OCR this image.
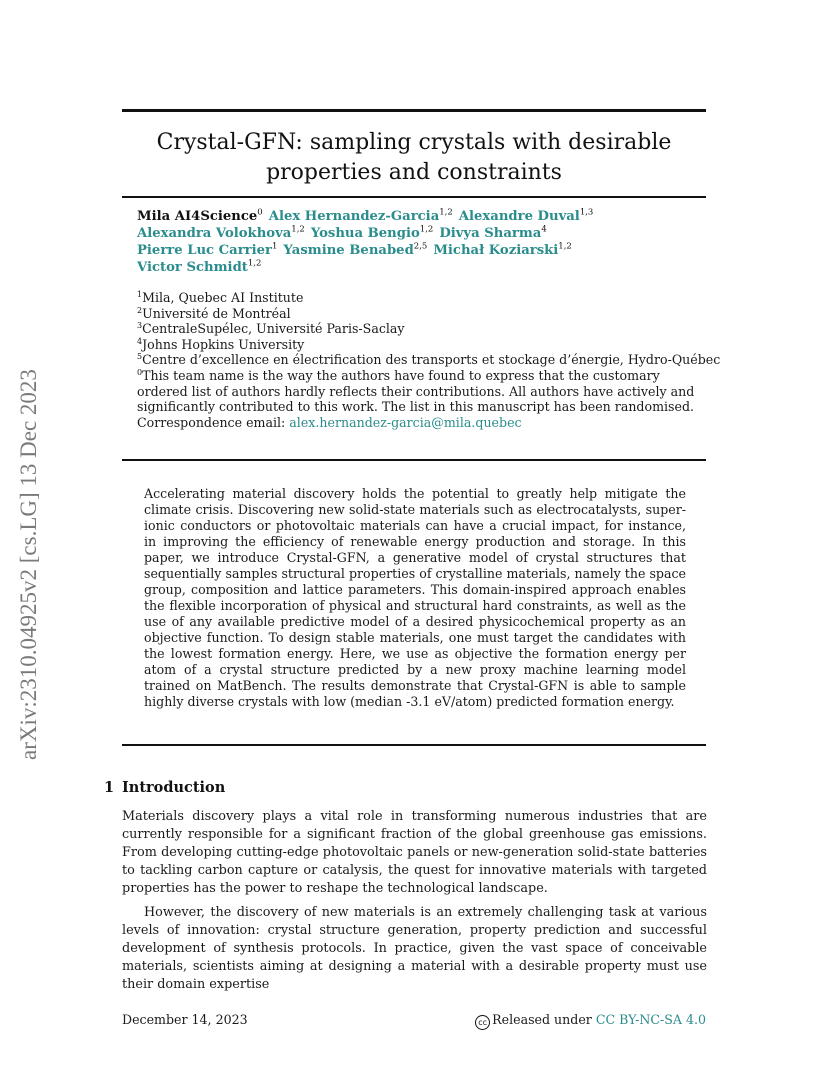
arXiv:2310.04925v2 [cs.LG] 13 Dec 2023
Crystal-GFN: sampling crystals with desirable properties and constraints
Mila AI4Science$^0$ Alex Hernandez-Garcia$^{1,2}$ Alexandre Duval$^{1,3}$
Alexandra Volokhova$^{1,2}$ Yoshua Bengio$^{1,2}$ Divya Sharma$^4$
Pierre Luc Carrier$^1$ Yasmine Benabed$^{2,5}$ Michał Koziarski$^{1,2}$
Victor Schmidt$^{1,2}$
$^1$Mila, Quebec AI Institute
$^2$Université de Montréal
$^3$CentraleSupélec, Université Paris-Saclay
$^4$Johns Hopkins University
$^5$Centre d’excellence en électrification des transports et stockage d’énergie, Hydro-Québec
$^0$This team name is the way the authors have found to express that the customary
ordered list of authors hardly reflects their contributions. All authors have actively and
significantly contributed to this work. The list in this manuscript has been randomised.
Correspondence email: alex.hernandez-garcia@mila.quebec
Accelerating material discovery holds the potential to greatly help mitigate the climate crisis. Discovering new solid-state materials such as electrocatalysts, super-ionic conductors or photovoltaic materials can have a crucial impact, for instance, in improving the efficiency of renewable energy production and storage. In this paper, we introduce Crystal-GFN, a generative model of crystal structures that sequentially samples structural properties of crystalline materials, namely the space group, composition and lattice parameters. This domain-inspired approach enables the flexible incorporation of physical and structural hard constraints, as well as the use of any available predictive model of a desired physicochemical property as an objective function. To design stable materials, one must target the candidates with the lowest formation energy. Here, we use as objective the formation energy per atom of a crystal structure predicted by a new proxy machine learning model trained on MatBench. The results demonstrate that Crystal-GFN is able to sample highly diverse crystals with low (median -3.1 eV/atom) predicted formation energy.
1 Introduction

Materials discovery plays a vital role in transforming numerous industries that are currently responsible for a significant fraction of the global greenhouse gas emissions. From developing cutting-edge photovoltaic panels or new-generation solid-state batteries to tackling carbon capture or catalysis, the quest for innovative materials with targeted properties has the power to reshape the technological landscape.

However, the discovery of new materials is an extremely challenging task at various levels of innovation: crystal structure generation, property prediction and successful development of synthesis protocols. In practice, given the vast space of conceivable materials, scientists aiming at designing a material with a desirable property must use their domain expertise

December 14, 2023	cc Released under CC BY-NC-SA 4.0
